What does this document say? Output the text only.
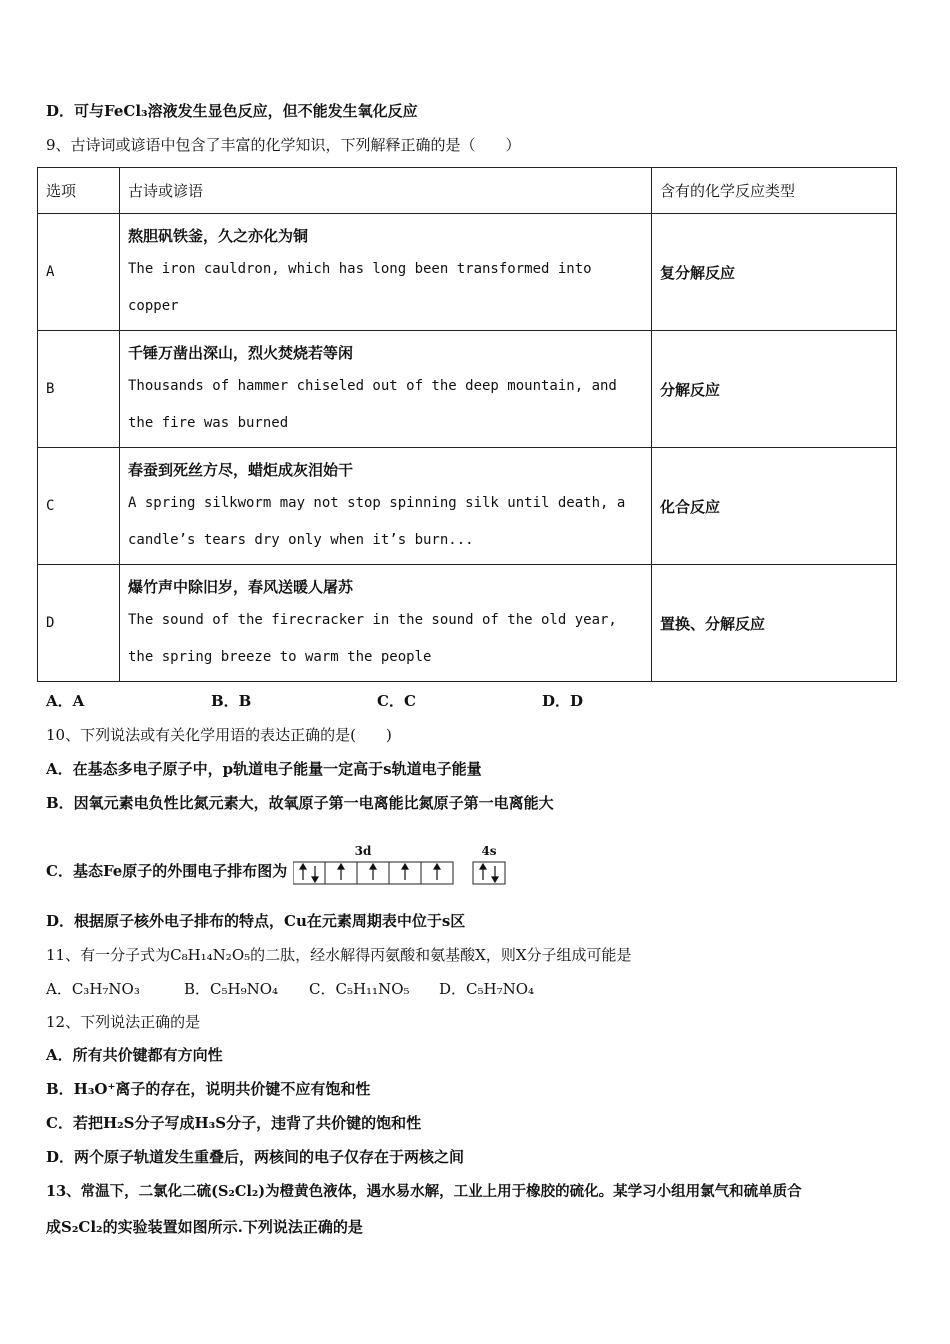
D．可与FeCl₃溶液发生显色反应，但不能发生氧化反应
9、古诗词或谚语中包含了丰富的化学知识，下列解释正确的是（　　）
选项	古诗或谚语	含有的化学反应类型
A	熬胆矾铁釜，久之亦化为铜
The iron cauldron, which has long been transformed into
copper	复分解反应
B	千锤万凿出深山，烈火焚烧若等闲
Thousands of hammer chiseled out of the deep mountain, and
the fire was burned	分解反应
C	春蚕到死丝方尽，蜡炬成灰泪始干
A spring silkworm may not stop spinning silk until death, a
candle’s tears dry only when it’s burn...	化合反应
D	爆竹声中除旧岁，春风送暖人屠苏
The sound of the firecracker in the sound of the old year,
the spring breeze to warm the people	置换、分解反应
A．A	B．B	C．C	D．D
10、下列说法或有关化学用语的表达正确的是(　　)
A．在基态多电子原子中，p轨道电子能量一定高于s轨道电子能量
B．因氧元素电负性比氮元素大，故氧原子第一电离能比氮原子第一电离能大
C．基态Fe原子的外围电子排布图为
3d	4s
D．根据原子核外电子排布的特点，Cu在元素周期表中位于s区
11、有一分子式为C₈H₁₄N₂O₅的二肽，经水解得丙氨酸和氨基酸X，则X分子组成可能是
A．C₃H₇NO₃	B．C₅H₉NO₄ C．C₅H₁₁NO₅ D．C₅H₇NO₄
12、下列说法正确的是
A．所有共价键都有方向性
B．H₃O⁺离子的存在，说明共价键不应有饱和性
C．若把H₂S分子写成H₃S分子，违背了共价键的饱和性
D．两个原子轨道发生重叠后，两核间的电子仅存在于两核之间
13、常温下，二氯化二硫(S₂Cl₂)为橙黄色液体，遇水易水解，工业上用于橡胶的硫化。某学习小组用氯气和硫单质合
成S₂Cl₂的实验装置如图所示.下列说法正确的是
